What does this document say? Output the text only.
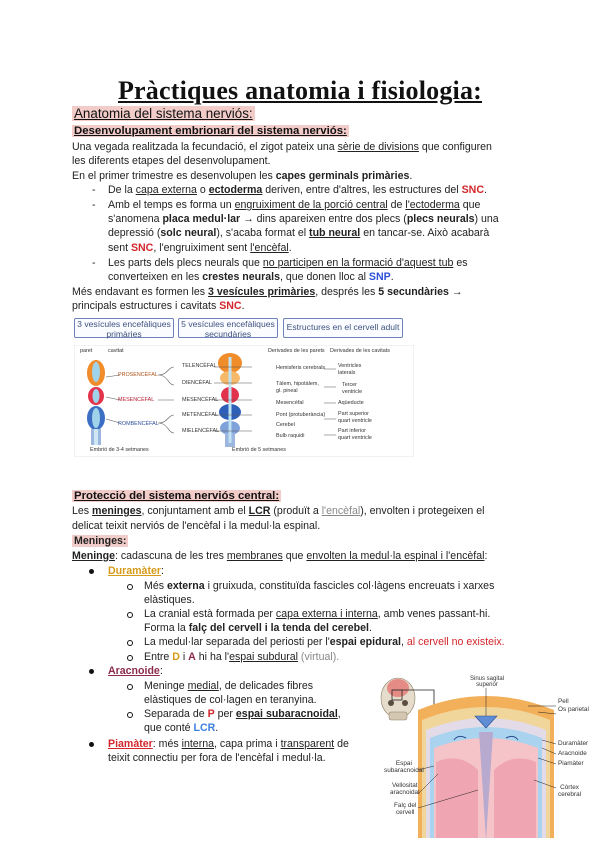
Pràctiques anatomia i fisiologia:
Anatomia del sistema nerviós:
Desenvolupament embrionari del sistema nerviós:
Una vegada realitzada la fecundació, el zigot pateix una sèrie de divisions que configuren
les diferents etapes del desenvolupament.
En el primer trimestre es desenvolupen les capes germinals primàries.
- De la capa externa o ectoderma deriven, entre d'altres, les estructures del SNC.
- Amb el temps es forma un engruiximent de la porció central de l'ectoderma que
s'anomena placa medul·lar → dins apareixen entre dos plecs (plecs neurals) una
depressió (solc neural), s'acaba format el tub neural en tancar-se. Això acabarà
sent SNC, l'engruiximent sent l'encèfal.
- Les parts dels plecs neurals que no participen en la formació d'aquest tub es
converteixen en les crestes neurals, que donen lloc al SNP.
Més endavant es formen les 3 vesícules primàries, després les 5 secundàries →
principals estructures i cavitats SNC.
3 vesícules encefàliques
primàries
5 vesícules encefàliques
secundàries
Estructures en el cervell adult
paret	cavitat	Derivades de les parets Derivades de les cavitats
PROSENCÈFAL
MESENCÈFAL
ROMBENCÈFAL
TELENCÈFAL
DIENCÈFAL
MESENCÈFAL
METENCÈFAL
MIELENCÈFAL
Hemisferis cerebrals
Tàlem, hipotàlem,
gl. pineal
Mesencèfal
Pont (protuberància)
Cerebel
Bulb raquidi
Ventricles
laterals
Tercer
ventricle
Aqüeducte
Part superior
quart ventricle
Part inferior
quart ventricle
Embrió de 3-4 setmanes	Embrió de 5 setmanes
Protecció del sistema nerviós central:
Les meninges, conjuntament amb el LCR (produït a l'encèfal), envolten i protegeixen el
delicat teixit nerviós de l'encèfal i la medul·la espinal.
Meninges:
Meninge: cadascuna de les tres membranes que envolten la medul·la espinal i l'encèfal:
Duramàter:
Més externa i gruixuda, constituïda fascicles col·làgens encreuats i xarxes
elàstiques.
La cranial està formada per capa externa i interna, amb venes passant-hi.
Forma la falç del cervell i la tenda del cerebel.
La medul·lar separada del periosti per l'espai epidural, al cervell no existeix.
Entre D i A hi ha l'espai subdural (virtual).
Aracnoide:
Meninge medial, de delicades fibres
elàstiques de col·lagen en teranyina.
Separada de P per espai subaracnoidal,
que conté LCR.
Piamàter: més interna, capa prima i transparent de
teixit connectiu per fora de l'encèfal i medul·la.
Sinus sagital
superior
Pell
Os parietal
Duramàter
Aracnoide
Piamàter
Còrtex
cerebral
Espai
subaracnoidal
Vellositat
aracnoidal
Falç del
cervell
